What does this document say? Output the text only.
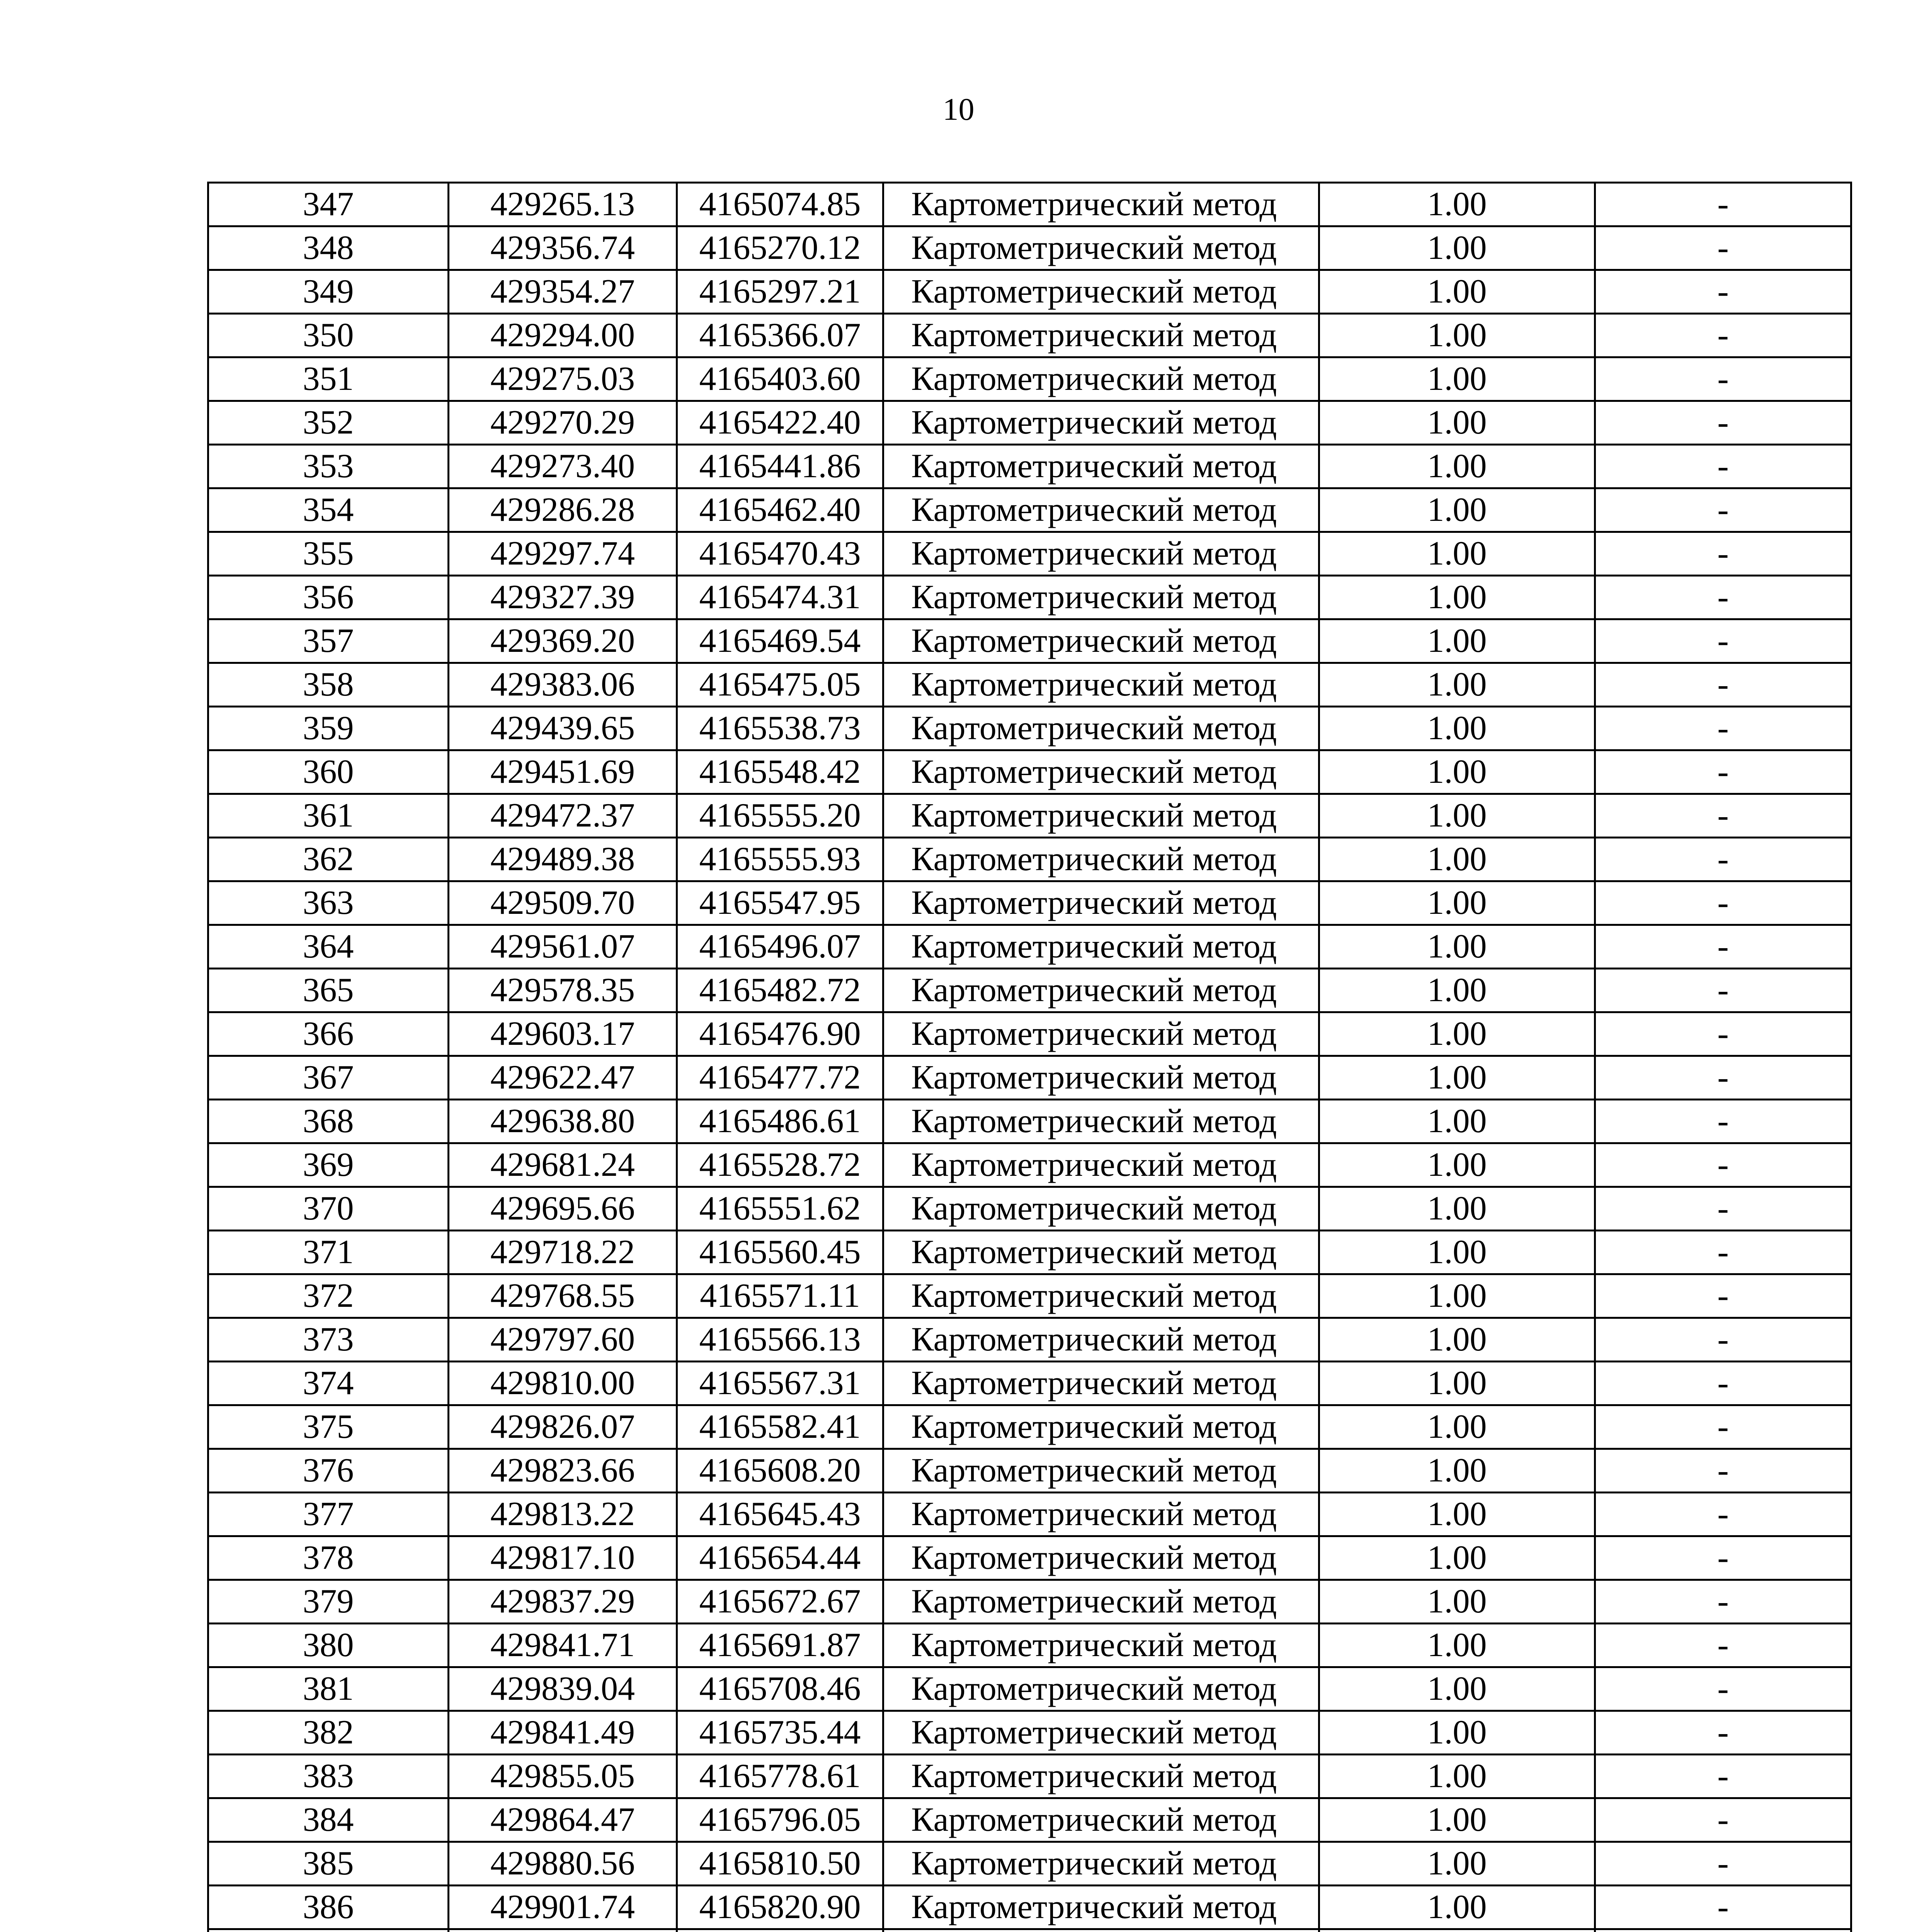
10
347	429265.13	4165074.85	Картометрический метод	1.00	-
348	429356.74	4165270.12	Картометрический метод	1.00	-
349	429354.27	4165297.21	Картометрический метод	1.00	-
350	429294.00	4165366.07	Картометрический метод	1.00	-
351	429275.03	4165403.60	Картометрический метод	1.00	-
352	429270.29	4165422.40	Картометрический метод	1.00	-
353	429273.40	4165441.86	Картометрический метод	1.00	-
354	429286.28	4165462.40	Картометрический метод	1.00	-
355	429297.74	4165470.43	Картометрический метод	1.00	-
356	429327.39	4165474.31	Картометрический метод	1.00	-
357	429369.20	4165469.54	Картометрический метод	1.00	-
358	429383.06	4165475.05	Картометрический метод	1.00	-
359	429439.65	4165538.73	Картометрический метод	1.00	-
360	429451.69	4165548.42	Картометрический метод	1.00	-
361	429472.37	4165555.20	Картометрический метод	1.00	-
362	429489.38	4165555.93	Картометрический метод	1.00	-
363	429509.70	4165547.95	Картометрический метод	1.00	-
364	429561.07	4165496.07	Картометрический метод	1.00	-
365	429578.35	4165482.72	Картометрический метод	1.00	-
366	429603.17	4165476.90	Картометрический метод	1.00	-
367	429622.47	4165477.72	Картометрический метод	1.00	-
368	429638.80	4165486.61	Картометрический метод	1.00	-
369	429681.24	4165528.72	Картометрический метод	1.00	-
370	429695.66	4165551.62	Картометрический метод	1.00	-
371	429718.22	4165560.45	Картометрический метод	1.00	-
372	429768.55	4165571.11	Картометрический метод	1.00	-
373	429797.60	4165566.13	Картометрический метод	1.00	-
374	429810.00	4165567.31	Картометрический метод	1.00	-
375	429826.07	4165582.41	Картометрический метод	1.00	-
376	429823.66	4165608.20	Картометрический метод	1.00	-
377	429813.22	4165645.43	Картометрический метод	1.00	-
378	429817.10	4165654.44	Картометрический метод	1.00	-
379	429837.29	4165672.67	Картометрический метод	1.00	-
380	429841.71	4165691.87	Картометрический метод	1.00	-
381	429839.04	4165708.46	Картометрический метод	1.00	-
382	429841.49	4165735.44	Картометрический метод	1.00	-
383	429855.05	4165778.61	Картометрический метод	1.00	-
384	429864.47	4165796.05	Картометрический метод	1.00	-
385	429880.56	4165810.50	Картометрический метод	1.00	-
386	429901.74	4165820.90	Картометрический метод	1.00	-
